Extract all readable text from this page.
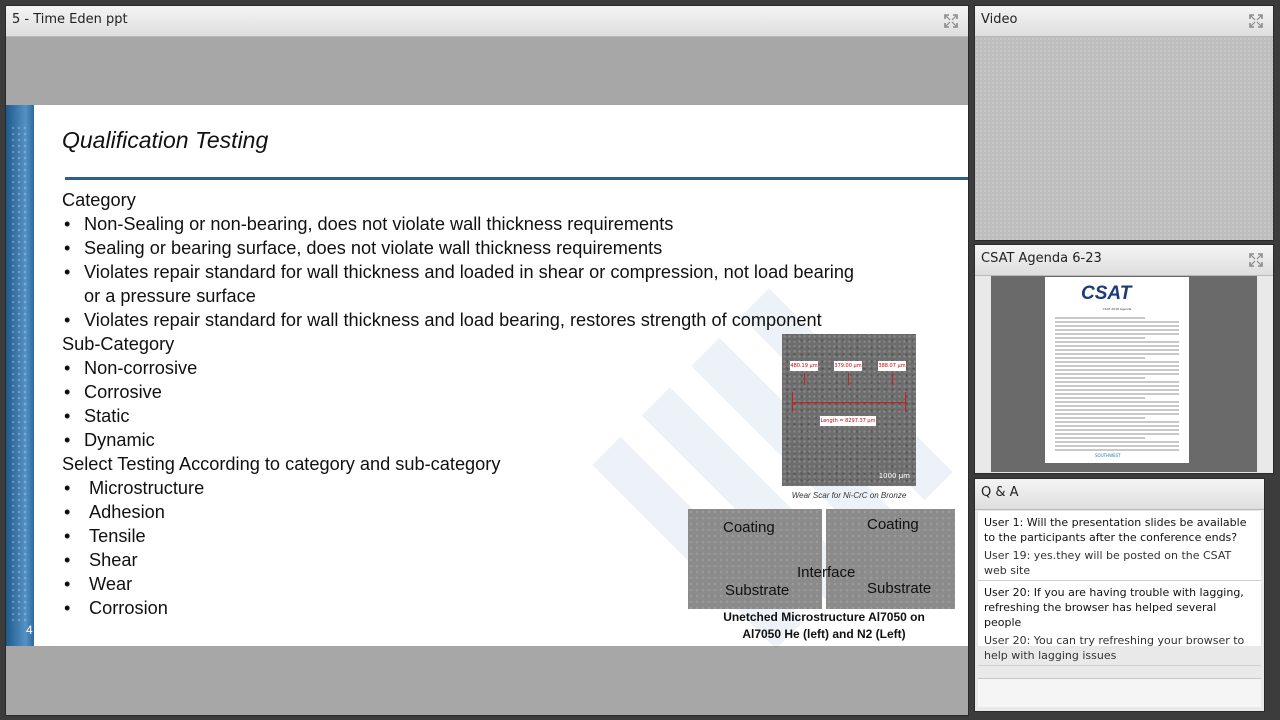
5 - Time Eden ppt
Qualification Testing
Category
• Non-Sealing or non-bearing, does not violate wall thickness requirements
• Sealing or bearing surface, does not violate wall thickness requirements
• Violates repair standard for wall thickness and loaded in shear or compression, not load bearing
or a pressure surface
• Violates repair standard for wall thickness and load bearing, restores strength of component
Sub-Category
• Non-corrosive
• Corrosive
• Static
• Dynamic
Select Testing According to category and sub-category
• Microstructure
• Adhesion
• Tensile
• Shear
• Wear
• Corrosion
4
480.19 µm	379.00 µm	388.07 µm
Length = 8297.37 µm
1000 µm
Wear Scar for Ni-CrC on Bronze
Coating	Coating
Interface
Substrate	Substrate
Unetched Microstructure Al7050 on
Al7050 He (left) and N2 (Left)
Video
CSAT Agenda 6-23
CSAT
CSAT 2018 Agenda
SOUTHWEST
Q & A
User 1: Will the presentation slides be available to the participants after the conference ends?
User 19: yes.they will be posted on the CSAT web site
User 20: If you are having trouble with lagging, refreshing the browser has helped several people
User 20: You can try refreshing your browser to help with lagging issues
